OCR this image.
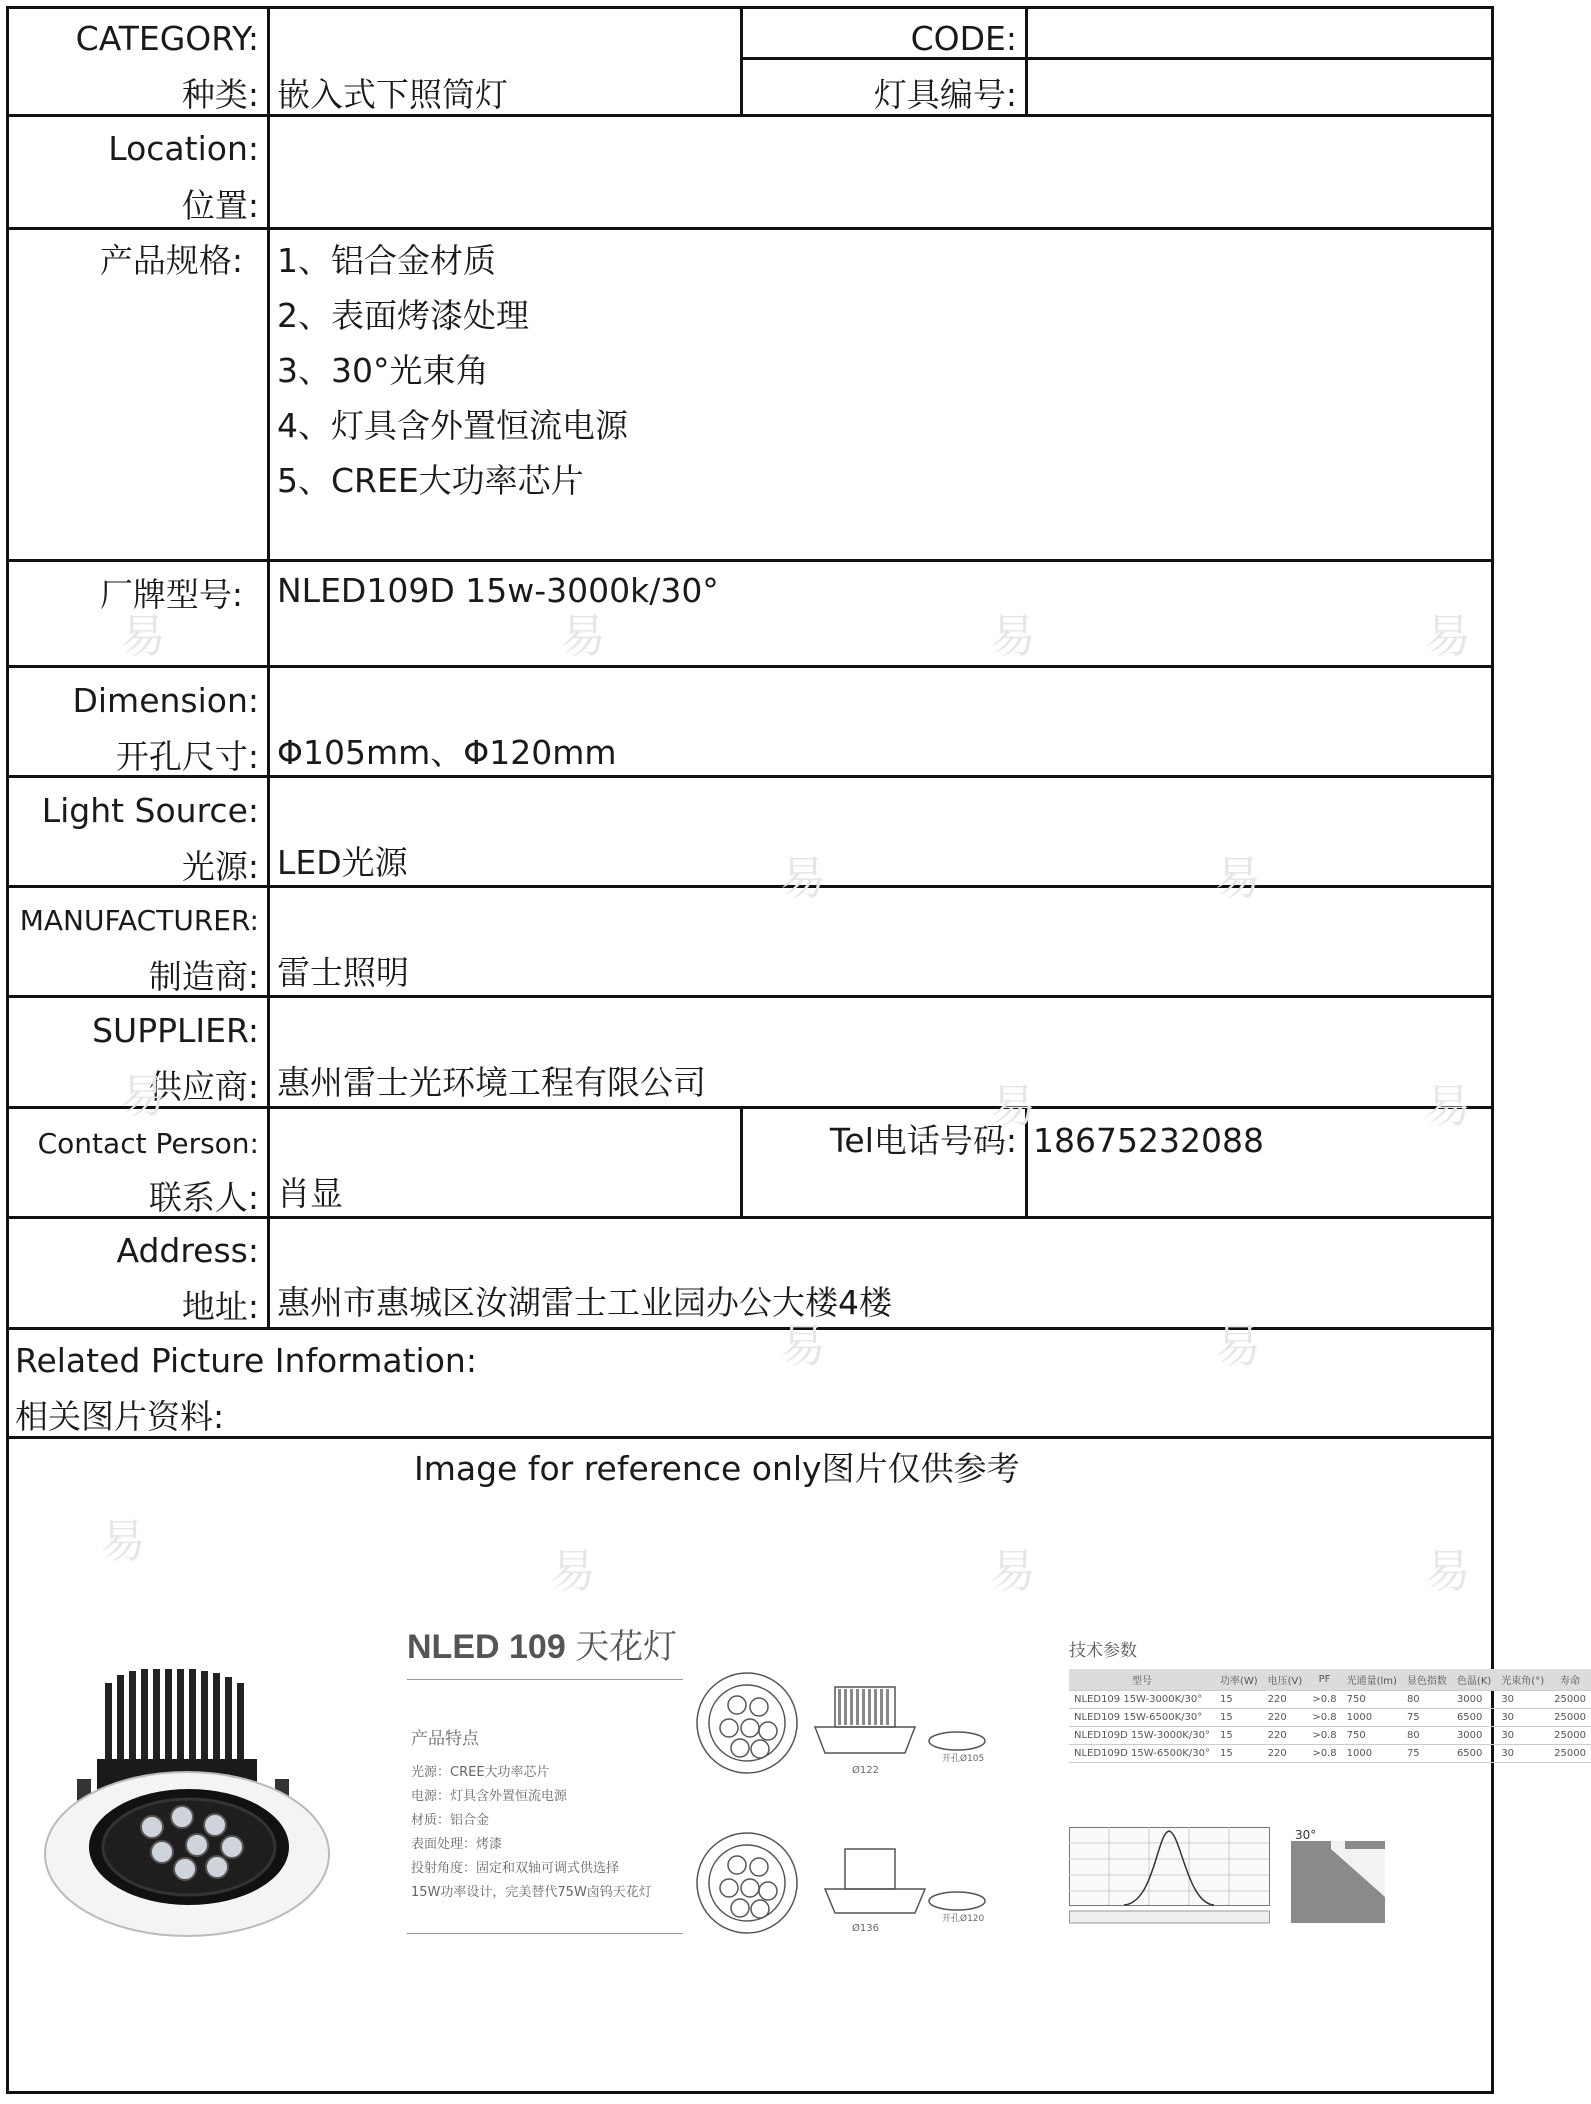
CATEGORY:
种类: 嵌入式下照筒灯
CODE:
灯具编号:
Location:
位置:
产品规格: 1、铝合金材质
2、表面烤漆处理
3、30°光束角
4、灯具含外置恒流电源
5、CREE大功率芯片
厂牌型号: NLED109D 15w-3000k/30°
Dimension:
开孔尺寸: Φ105mm、Φ120mm
Light Source:
光源: LED光源
MANUFACTURER:
制造商: 雷士照明
SUPPLIER:
供应商: 惠州雷士光环境工程有限公司
Contact Person:
联系人: 肖显
Tel电话号码: 18675232088
Address:
地址: 惠州市惠城区汝湖雷士工业园办公大楼4楼
Related Picture Information:
相关图片资料:
Image for reference only图片仅供参考
NLED 109 天花灯
产品特点
光源：CREE大功率芯片
电源：灯具含外置恒流电源
材质：铝合金
表面处理：烤漆
投射角度：固定和双轴可调式供选择
15W功率设计，完美替代75W卤钨天花灯
Ø122
开孔Ø105
Ø136
开孔Ø120
技术参数
型号	功率(W)	电压(V)	PF	光通量(lm)	显色指数	色温(K)	光束角(°)	寿命
NLED109 15W-3000K/30°	15	220	>0.8	750	80	3000	30	25000
NLED109 15W-6500K/30°	15	220	>0.8	1000	75	6500	30	25000
NLED109D 15W-3000K/30°	15	220	>0.8	750	80	3000	30	25000
NLED109D 15W-6500K/30°	15	220	>0.8	1000	75	6500	30	25000
30°
易	易	易	易
易	易
易	易	易
易	易
易
易	易	易
